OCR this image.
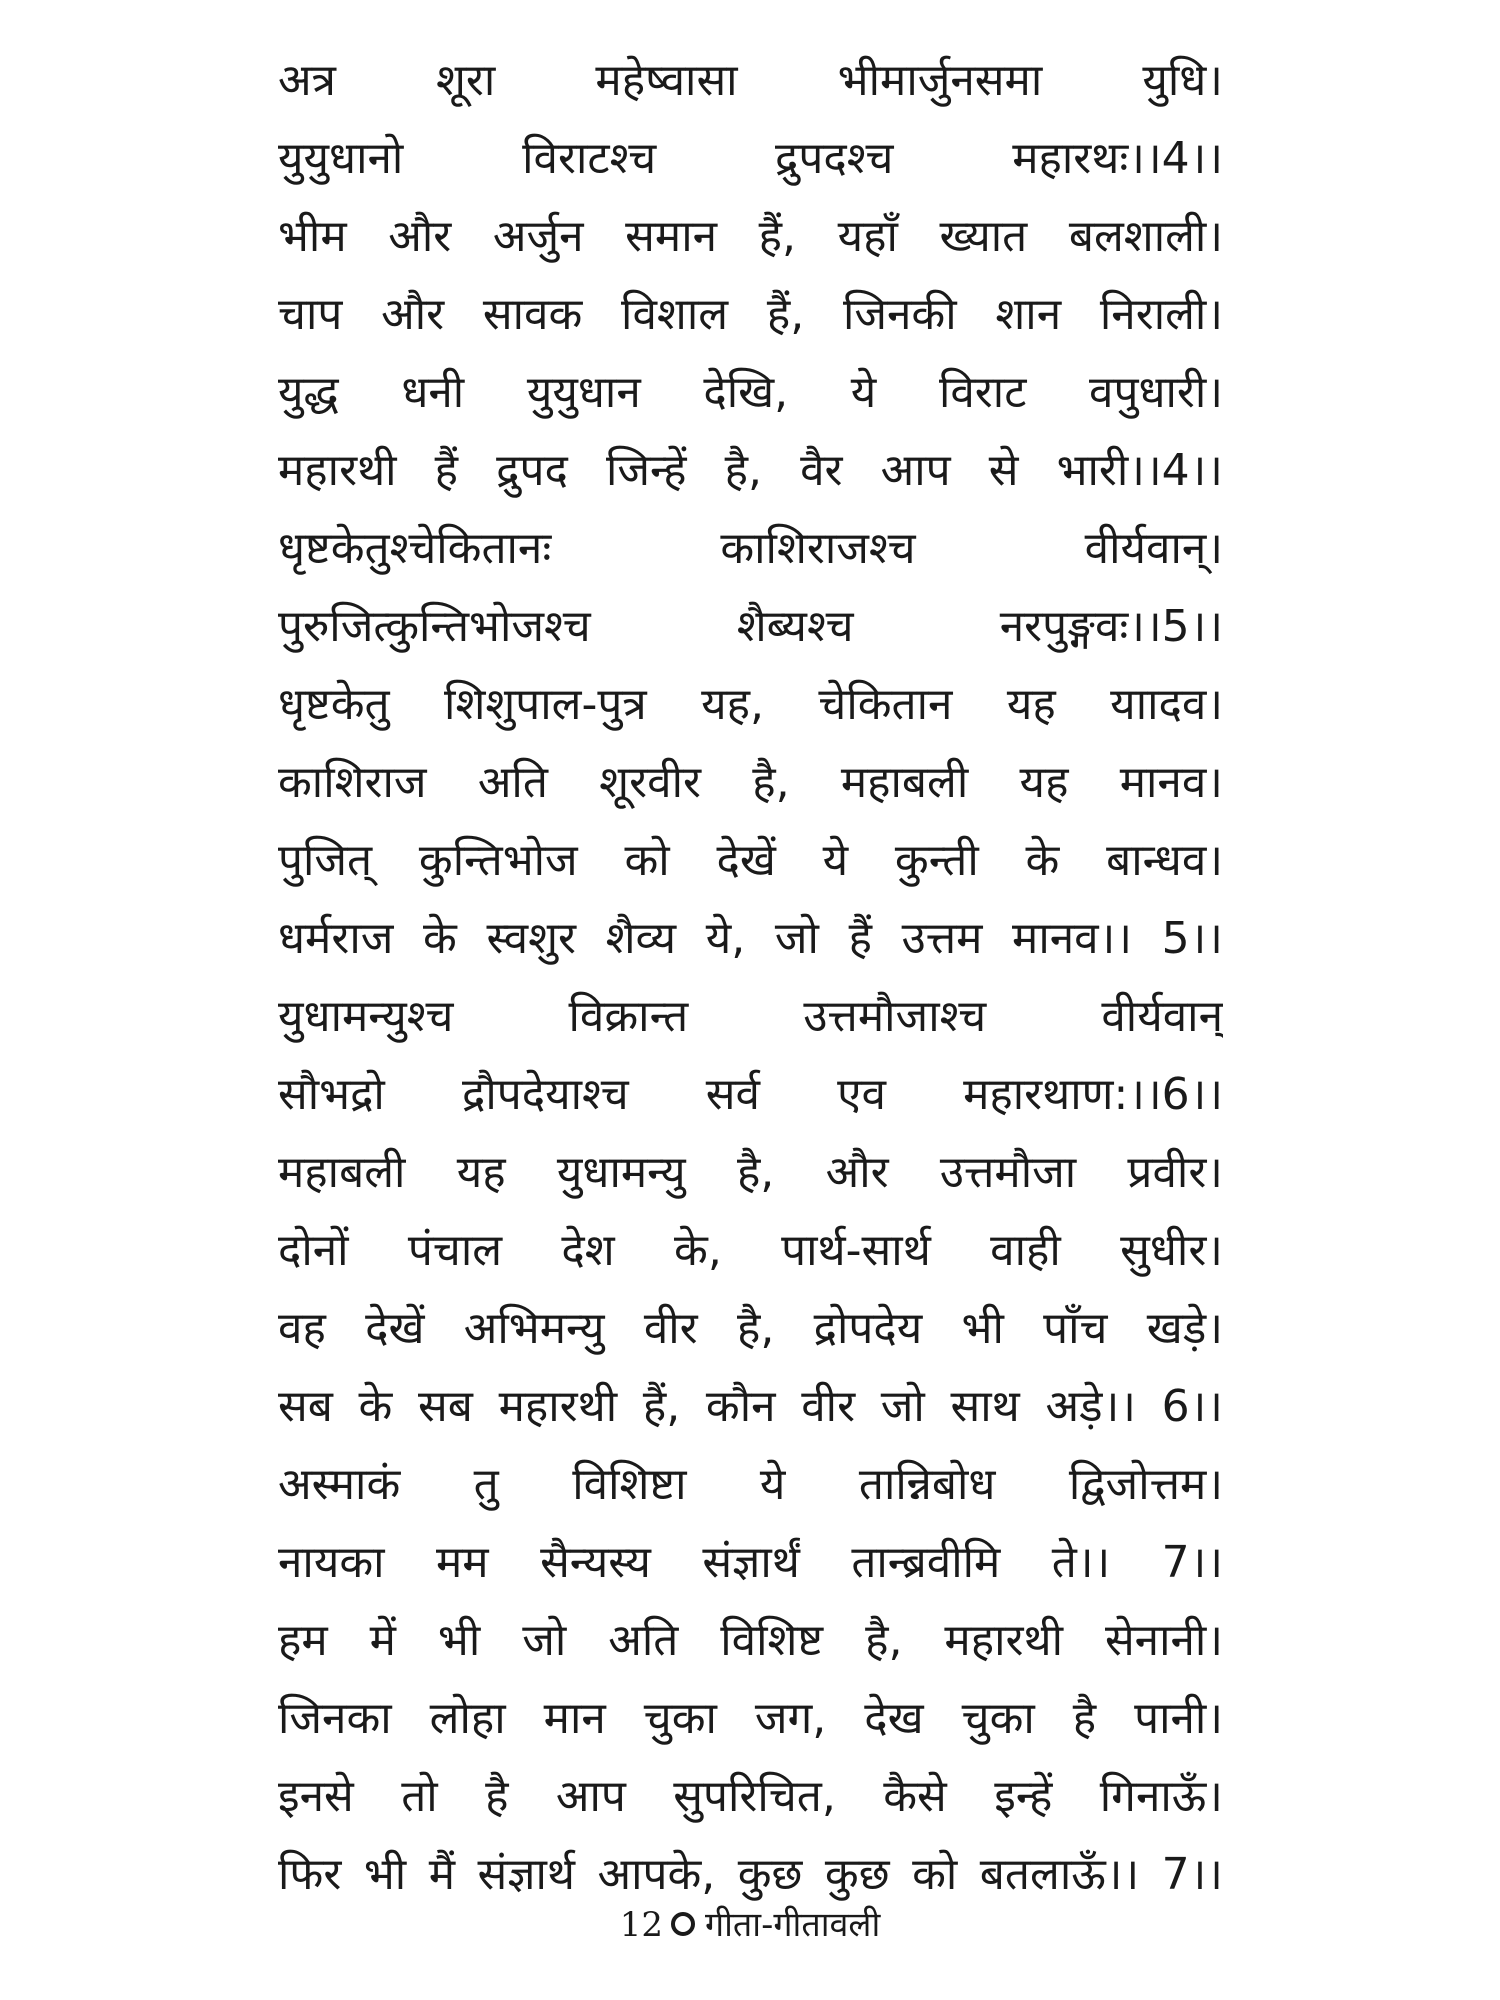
अत्र शूरा महेष्वासा भीमार्जुनसमा युधि।
युयुधानो विराटश्च द्रुपदश्च महारथः।।4।।
भीम और अर्जुन समान हैं, यहाँ ख्यात बलशाली।
चाप और सावक विशाल हैं, जिनकी शान निराली।
युद्ध धनी युयुधान देखि, ये विराट वपुधारी।
महारथी हैं द्रुपद जिन्हें है, वैर आप से भारी।।4।।
धृष्टकेतुश्चेकितानः काशिराजश्च वीर्यवान्।
पुरुजित्कुन्तिभोजश्च शैब्यश्च नरपुङ्गवः।।5।।
धृष्टकेतु शिशुपाल-पुत्र यह, चेकितान यह याादव।
काशिराज अति शूरवीर है, महाबली यह मानव।
पुजित् कुन्तिभोज को देखें ये कुन्ती के बान्धव।
धर्मराज के स्वशुर शैव्य ये, जो हैं उत्तम मानव।। 5।।
युधामन्युश्च विक्रान्त उत्तमौजाश्च वीर्यवान्
सौभद्रो द्रौपदेयाश्च सर्व एव महारथाण:।।6।।
महाबली यह युधामन्यु है, और उत्तमौजा प्रवीर।
दोनों पंचाल देश के, पार्थ-सार्थ वाही सुधीर।
वह देखें अभिमन्यु वीर है, द्रोपदेय भी पाँच खड़े।
सब के सब महारथी हैं, कौन वीर जो साथ अड़े।। 6।।
अस्माकं तु विशिष्टा ये तान्निबोध द्विजोत्तम।
नायका मम सैन्यस्य संज्ञार्थं तान्ब्रवीमि ते।। 7।।
हम में भी जो अति विशिष्ट है, महारथी सेनानी।
जिनका लोहा मान चुका जग, देख चुका है पानी।
इनसे तो है आप सुपरिचित, कैसे इन्हें गिनाऊँ।
फिर भी मैं संज्ञार्थ आपके, कुछ कुछ को बतलाऊँ।। 7।।
12 गीता-गीतावली
